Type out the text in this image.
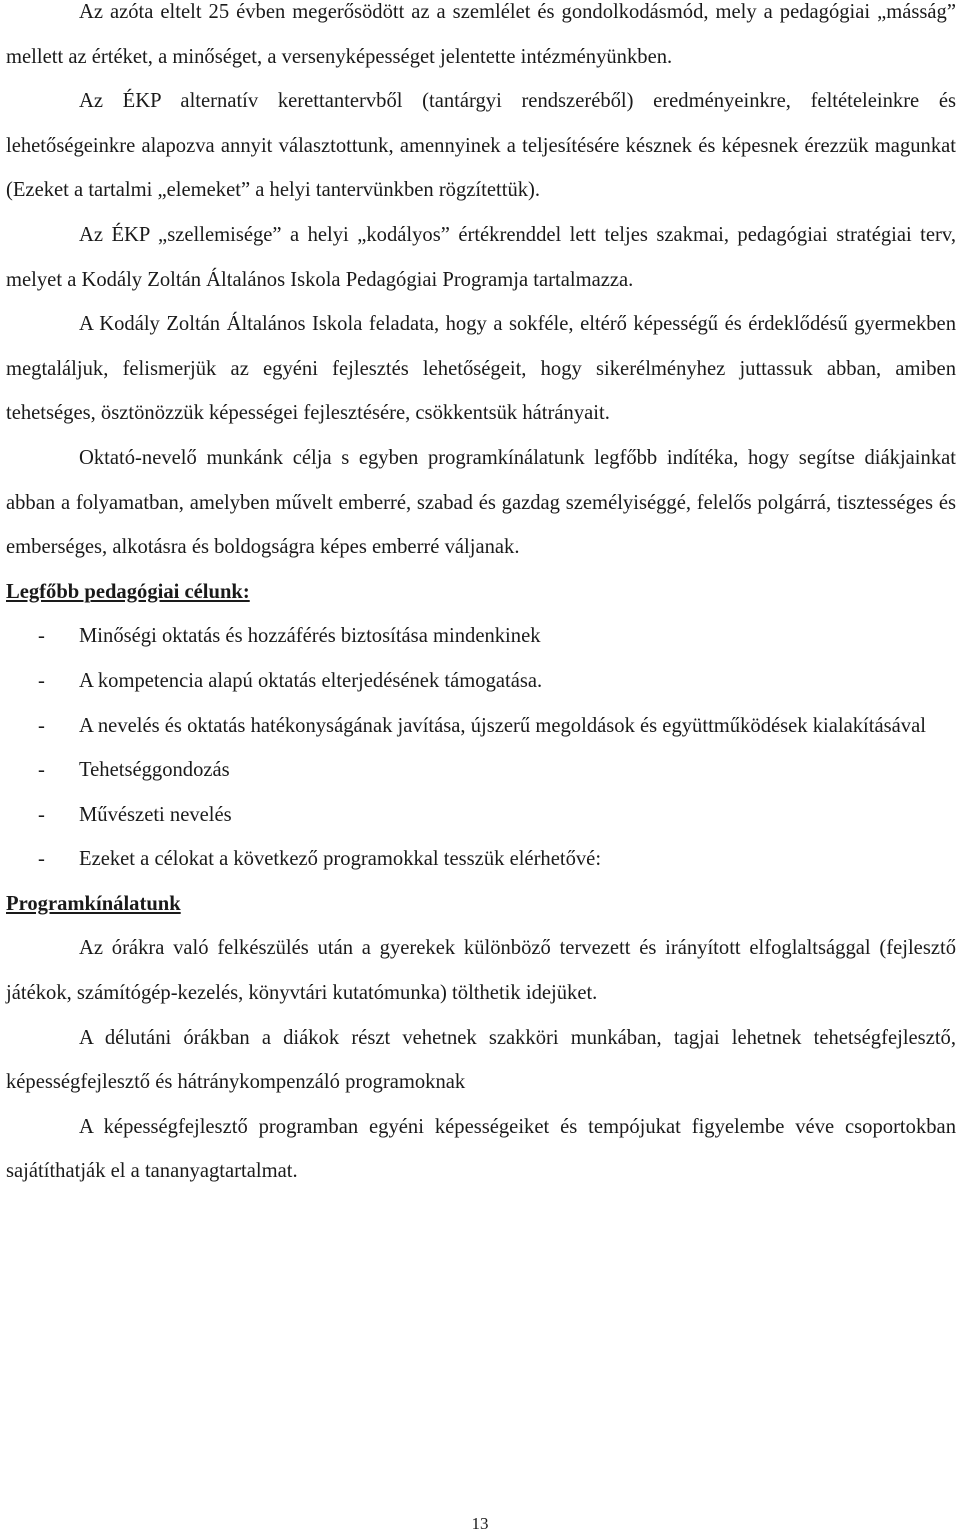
Az azóta eltelt 25 évben megerősödött az a szemlélet és gondolkodásmód, mely a pedagógiai „másság” mellett az értéket, a minőséget, a versenyképességet jelentette intézményünkben.

Az ÉKP alternatív kerettantervből (tantárgyi rendszeréből) eredményeinkre, feltételeinkre és lehetőségeinkre alapozva annyit választottunk, amennyinek a teljesítésére késznek és képesnek érezzük magunkat (Ezeket a tartalmi „elemeket” a helyi tantervünkben rögzítettük).

Az ÉKP „szellemisége” a helyi „kodályos” értékrenddel lett teljes szakmai, pedagógiai stratégiai terv, melyet a Kodály Zoltán Általános Iskola Pedagógiai Programja tartalmazza.

A Kodály Zoltán Általános Iskola feladata, hogy a sokféle, eltérő képességű és érdeklődésű gyermekben megtaláljuk, felismerjük az egyéni fejlesztés lehetőségeit, hogy sikerélményhez juttassuk abban, amiben tehetséges, ösztönözzük képességei fejlesztésére, csökkentsük hátrányait.

Oktató-nevelő munkánk célja s egyben programkínálatunk legfőbb indítéka, hogy segítse diákjainkat abban a folyamatban, amelyben művelt emberré, szabad és gazdag személyiséggé, felelős polgárrá, tisztességes és emberséges, alkotásra és boldogságra képes emberré váljanak.

Legfőbb pedagógiai célunk:
- Minőségi oktatás és hozzáférés biztosítása mindenkinek
- A kompetencia alapú oktatás elterjedésének támogatása.
- A nevelés és oktatás hatékonyságának javítása, újszerű megoldások és együttműködések kialakításával
- Tehetséggondozás
- Művészeti nevelés
- Ezeket a célokat a következő programokkal tesszük elérhetővé:
Programkínálatunk

Az órákra való felkészülés után a gyerekek különböző tervezett és irányított elfoglaltsággal (fejlesztő játékok, számítógép-kezelés, könyvtári kutatómunka) tölthetik idejüket.

A délutáni órákban a diákok részt vehetnek szakköri munkában, tagjai lehetnek tehetségfejlesztő, képességfejlesztő és hátránykompenzáló programoknak

A képességfejlesztő programban egyéni képességeiket és tempójukat figyelembe véve csoportokban sajátíthatják el a tananyagtartalmat.

13
